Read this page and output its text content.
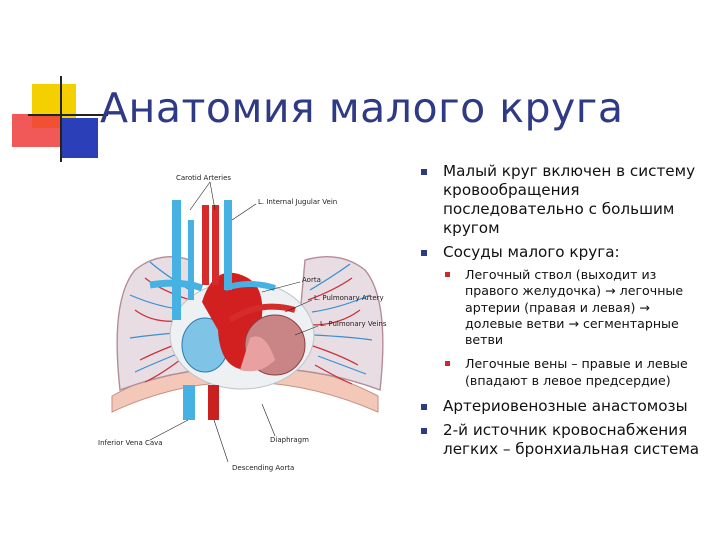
Анатомия малого круга
Carotid Arteries
L. Internal Jugular Vein
Aorta
L. Pulmonary Artery
L. Pulmonary Veins
Inferior Vena Cava	Diaphragm
Descending Aorta
Малый круг включен в систему кровообращения последовательно с большим кругом
Сосуды малого круга:
Легочный ствол (выходит из правого желудочка) → легочные артерии (правая и левая) → долевые ветви → сегментарные ветви
Легочные вены – правые и левые (впадают в левое предсердие)
Артериовенозные анастомозы
2-й источник кровоснабжения легких – бронхиальная система
